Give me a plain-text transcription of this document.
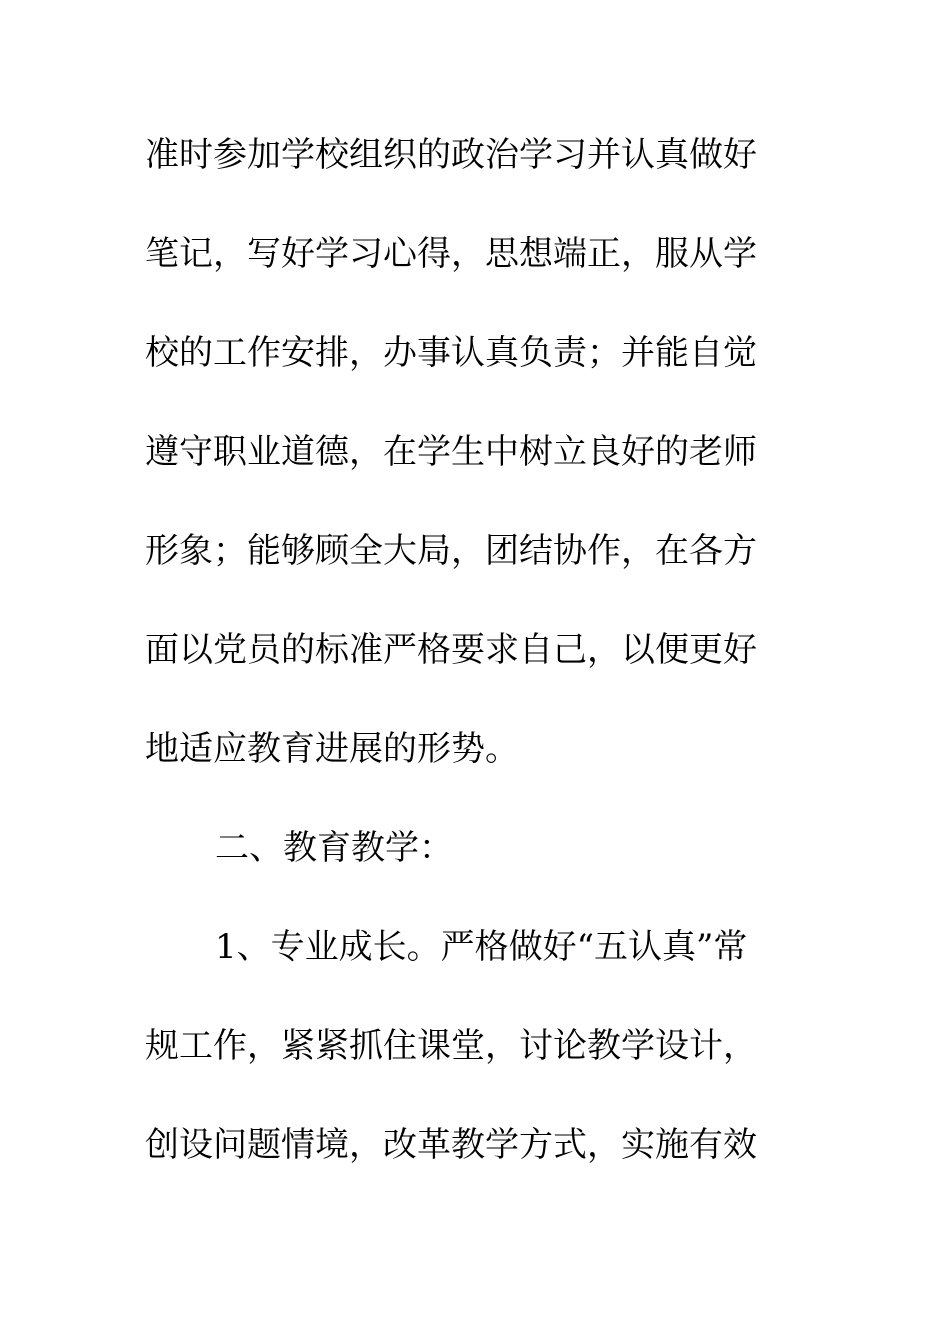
准时参加学校组织的政治学习并认真做好
笔记，写好学习心得，思想端正，服从学
校的工作安排，办事认真负责；并能自觉
遵守职业道德，在学生中树立良好的老师
形象；能够顾全大局，团结协作，在各方
面以党员的标准严格要求自己，以便更好
地适应教育进展的形势。
二、教育教学：
1、专业成长。严格做好“五认真”常
规工作，紧紧抓住课堂，讨论教学设计，
创设问题情境，改革教学方式，实施有效
